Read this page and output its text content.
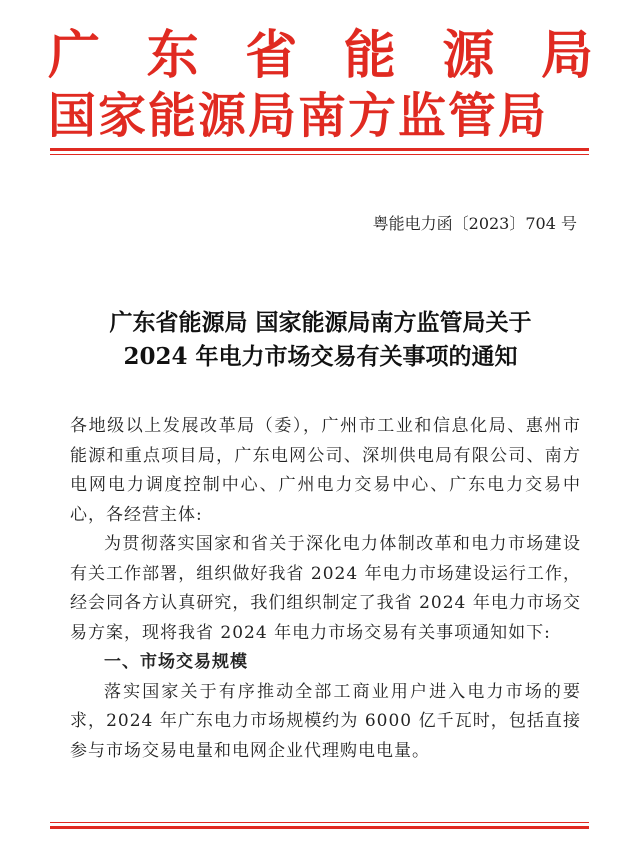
广 东 省 能 源 局
国家能源局南方监管局
粤能电力函〔2023〕704 号
广东省能源局 国家能源局南方监管局关于
2024 年电力市场交易有关事项的通知

各地级以上发展改革局（委），广州市工业和信息化局、惠州市能源和重点项目局，广东电网公司、深圳供电局有限公司、南方电网电力调度控制中心、广州电力交易中心、广东电力交易中心，各经营主体:

为贯彻落实国家和省关于深化电力体制改革和电力市场建设有关工作部署，组织做好我省 2024 年电力市场建设运行工作，经会同各方认真研究，我们组织制定了我省 2024 年电力市场交易方案，现将我省 2024 年电力市场交易有关事项通知如下:

一、市场交易规模

落实国家关于有序推动全部工商业用户进入电力市场的要求，2024 年广东电力市场规模约为 6000 亿千瓦时，包括直接参与市场交易电量和电网企业代理购电电量。
